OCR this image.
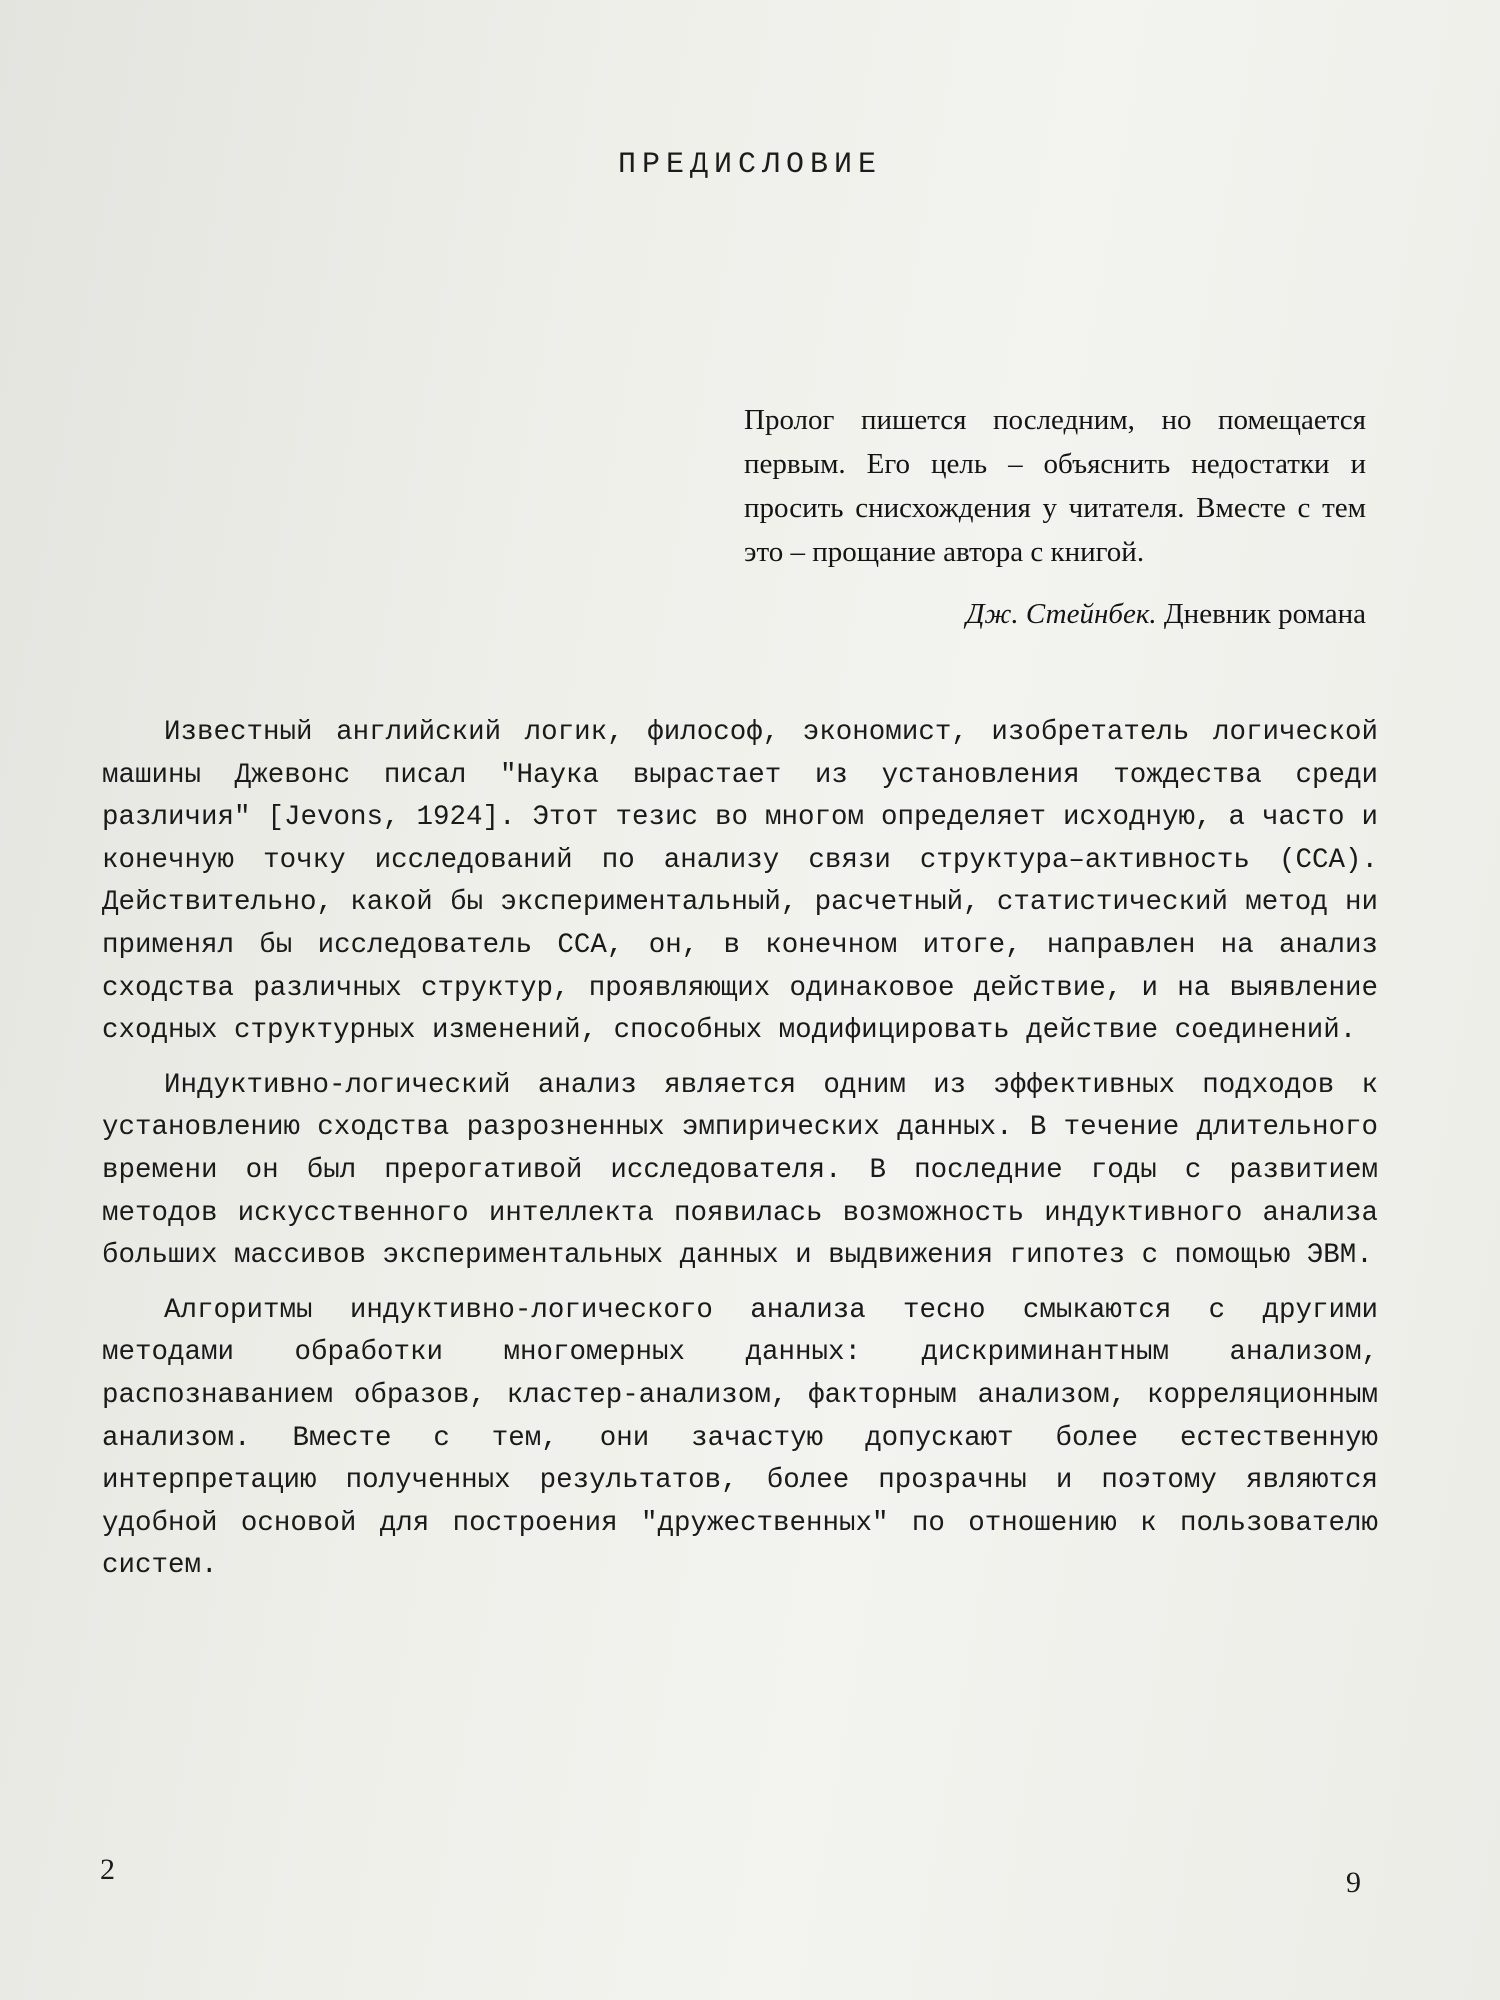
ПРЕДИСЛОВИЕ

Пролог пишется последним, но помещается первым. Его цель – объяснить недостатки и просить снисхождения у читателя. Вместе с тем это – прощание автора с книгой.

Дж. Стейнбек. Дневник романа

Известный английский логик, философ, экономист, изобретатель логической машины Джевонс писал "Наука вырастает из установления тождества среди различия" [Jevons, 1924]. Этот тезис во многом определяет исходную, а часто и конечную точку исследований по анализу связи структура–активность (ССА). Действительно, какой бы экспериментальный, расчетный, статистический метод ни применял бы исследователь ССА, он, в конечном итоге, направлен на анализ сходства различных структур, проявляющих одинаковое действие, и на выявление сходных структурных изменений, способных модифицировать действие соединений.

Индуктивно-логический анализ является одним из эффективных подходов к установлению сходства разрозненных эмпирических данных. В течение длительного времени он был прерогативой исследователя. В последние годы с развитием методов искусственного интеллекта появилась возможность индуктивного анализа больших массивов экспериментальных данных и выдвижения гипотез с помощью ЭВМ.

Алгоритмы индуктивно-логического анализа тесно смыкаются с другими методами обработки многомерных данных: дискриминантным анализом, распознаванием образов, кластер-анализом, факторным анализом, корреляционным анализом. Вместе с тем, они зачастую допускают более естественную интерпретацию полученных результатов, более прозрачны и поэтому являются удобной основой для построения "дружественных" по отношению к пользователю систем.

2	9
